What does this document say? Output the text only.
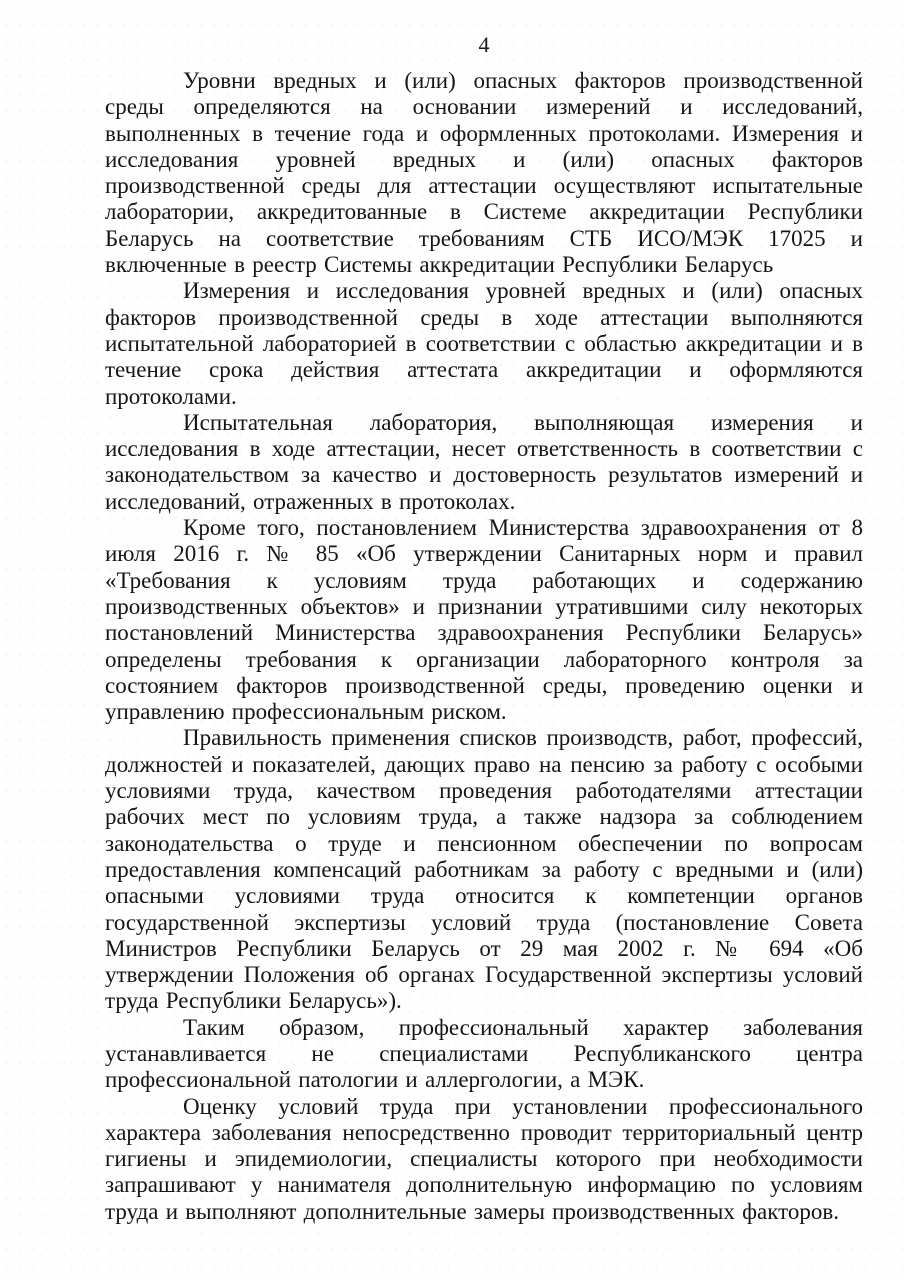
4

Уровни вредных и (или) опасных факторов производственной среды определяются на основании измерений и исследований, выполненных в течение года и оформленных протоколами. Измерения и исследования уровней вредных и (или) опасных факторов производственной среды для аттестации осуществляют испытательные лаборатории, аккредитованные в Системе аккредитации Республики Беларусь на соответствие требованиям СТБ ИСО/МЭК 17025 и включенные в реестр Системы аккредитации Республики Беларусь

Измерения и исследования уровней вредных и (или) опасных факторов производственной среды в ходе аттестации выполняются испытательной лабораторией в соответствии с областью аккредитации и в течение срока действия аттестата аккредитации и оформляются протоколами.

Испытательная лаборатория, выполняющая измерения и исследования в ходе аттестации, несет ответственность в соответствии с законодательством за качество и достоверность результатов измерений и исследований, отраженных в протоколах.

Кроме того, постановлением Министерства здравоохранения от 8 июля 2016 г. № 85 «Об утверждении Санитарных норм и правил «Требования к условиям труда работающих и содержанию производственных объектов» и признании утратившими силу некоторых постановлений Министерства здравоохранения Республики Беларусь» определены требования к организации лабораторного контроля за состоянием факторов производственной среды, проведению оценки и управлению профессиональным риском.

Правильность применения списков производств, работ, профессий, должностей и показателей, дающих право на пенсию за работу с особыми условиями труда, качеством проведения работодателями аттестации рабочих мест по условиям труда, а также надзора за соблюдением законодательства о труде и пенсионном обеспечении по вопросам предоставления компенсаций работникам за работу с вредными и (или) опасными условиями труда относится к компетенции органов государственной экспертизы условий труда (постановление Совета Министров Республики Беларусь от 29 мая 2002 г. № 694 «Об утверждении Положения об органах Государственной экспертизы условий труда Республики Беларусь»).

Таким образом, профессиональный характер заболевания устанавливается не специалистами Республиканского центра профессиональной патологии и аллергологии, а МЭК.

Оценку условий труда при установлении профессионального характера заболевания непосредственно проводит территориальный центр гигиены и эпидемиологии, специалисты которого при необходимости запрашивают у нанимателя дополнительную информацию по условиям труда и выполняют дополнительные замеры производственных факторов.
